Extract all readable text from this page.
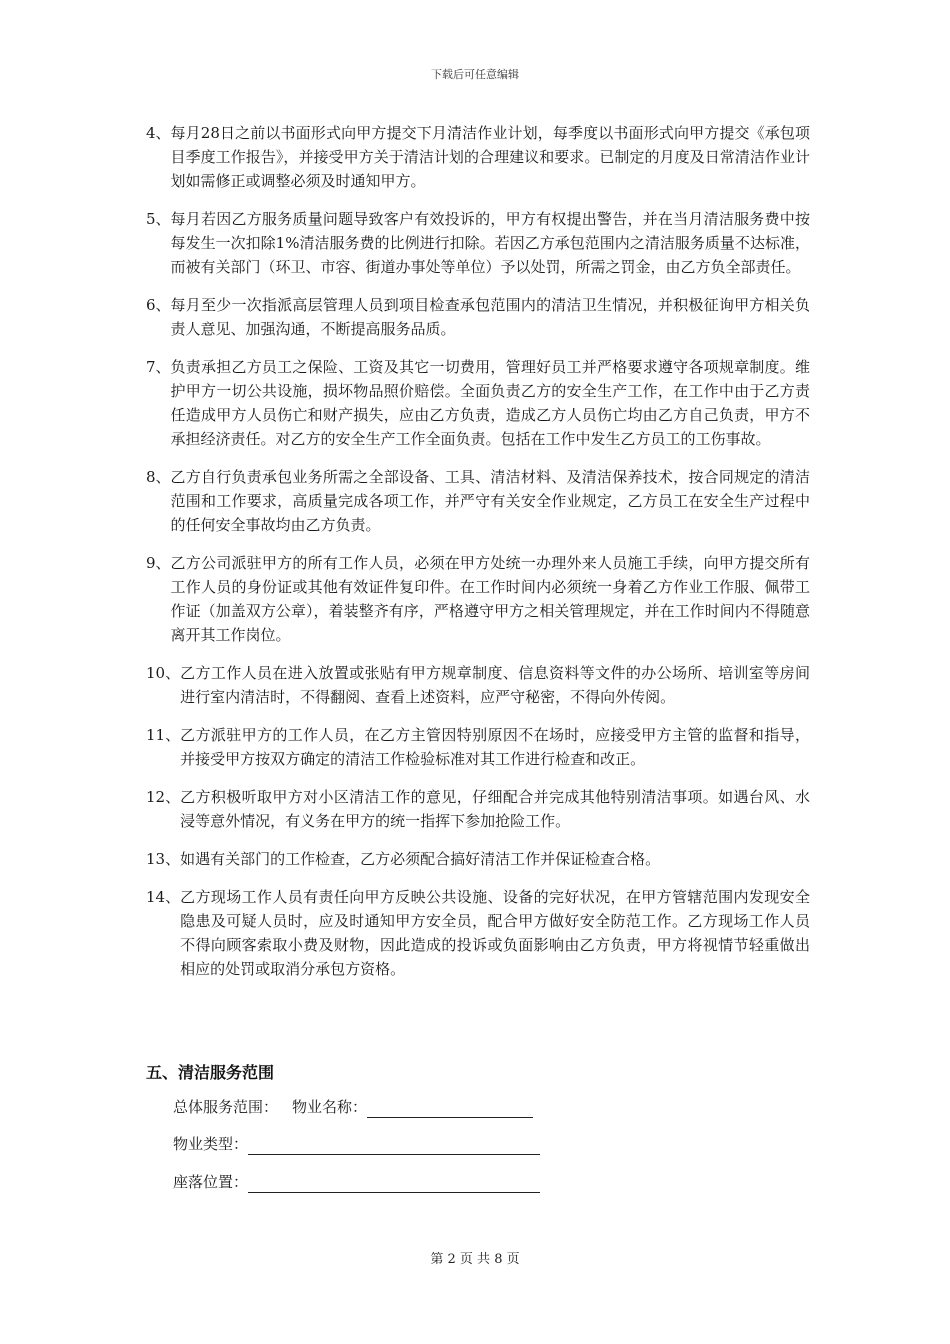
下载后可任意编辑
4、 每月28日之前以书面形式向甲方提交下月清洁作业计划，每季度以书面形式向甲方提交《承包项目季度工作报告》，并接受甲方关于清洁计划的合理建议和要求。已制定的月度及日常清洁作业计划如需修正或调整必须及时通知甲方。
5、 每月若因乙方服务质量问题导致客户有效投诉的，甲方有权提出警告，并在当月清洁服务费中按每发生一次扣除1%清洁服务费的比例进行扣除。若因乙方承包范围内之清洁服务质量不达标准，而被有关部门（环卫、市容、街道办事处等单位）予以处罚，所需之罚金，由乙方负全部责任。
6、 每月至少一次指派高层管理人员到项目检查承包范围内的清洁卫生情况，并积极征询甲方相关负责人意见、加强沟通，不断提高服务品质。
7、 负责承担乙方员工之保险、工资及其它一切费用，管理好员工并严格要求遵守各项规章制度。维护甲方一切公共设施，损坏物品照价赔偿。全面负责乙方的安全生产工作，在工作中由于乙方责任造成甲方人员伤亡和财产损失，应由乙方负责，造成乙方人员伤亡均由乙方自己负责，甲方不承担经济责任。对乙方的安全生产工作全面负责。包括在工作中发生乙方员工的工伤事故。
8、 乙方自行负责承包业务所需之全部设备、工具、清洁材料、及清洁保养技术，按合同规定的清洁范围和工作要求，高质量完成各项工作，并严守有关安全作业规定，乙方员工在安全生产过程中的任何安全事故均由乙方负责。
9、 乙方公司派驻甲方的所有工作人员，必须在甲方处统一办理外来人员施工手续，向甲方提交所有工作人员的身份证或其他有效证件复印件。在工作时间内必须统一身着乙方作业工作服、佩带工作证（加盖双方公章），着装整齐有序，严格遵守甲方之相关管理规定，并在工作时间内不得随意离开其工作岗位。
10、 乙方工作人员在进入放置或张贴有甲方规章制度、信息资料等文件的办公场所、培训室等房间进行室内清洁时，不得翻阅、查看上述资料，应严守秘密，不得向外传阅。
11、 乙方派驻甲方的工作人员，在乙方主管因特别原因不在场时，应接受甲方主管的监督和指导，并接受甲方按双方确定的清洁工作检验标准对其工作进行检查和改正。
12、 乙方积极听取甲方对小区清洁工作的意见，仔细配合并完成其他特别清洁事项。如遇台风、水浸等意外情况，有义务在甲方的统一指挥下参加抢险工作。
13、 如遇有关部门的工作检查，乙方必须配合搞好清洁工作并保证检查合格。
14、 乙方现场工作人员有责任向甲方反映公共设施、设备的完好状况，在甲方管辖范围内发现安全隐患及可疑人员时，应及时通知甲方安全员，配合甲方做好安全防范工作。乙方现场工作人员不得向顾客索取小费及财物，因此造成的投诉或负面影响由乙方负责，甲方将视情节轻重做出相应的处罚或取消分承包方资格。
五、清洁服务范围
总体服务范围： 物业名称：
物业类型：
座落位置：
第 2 页 共 8 页
